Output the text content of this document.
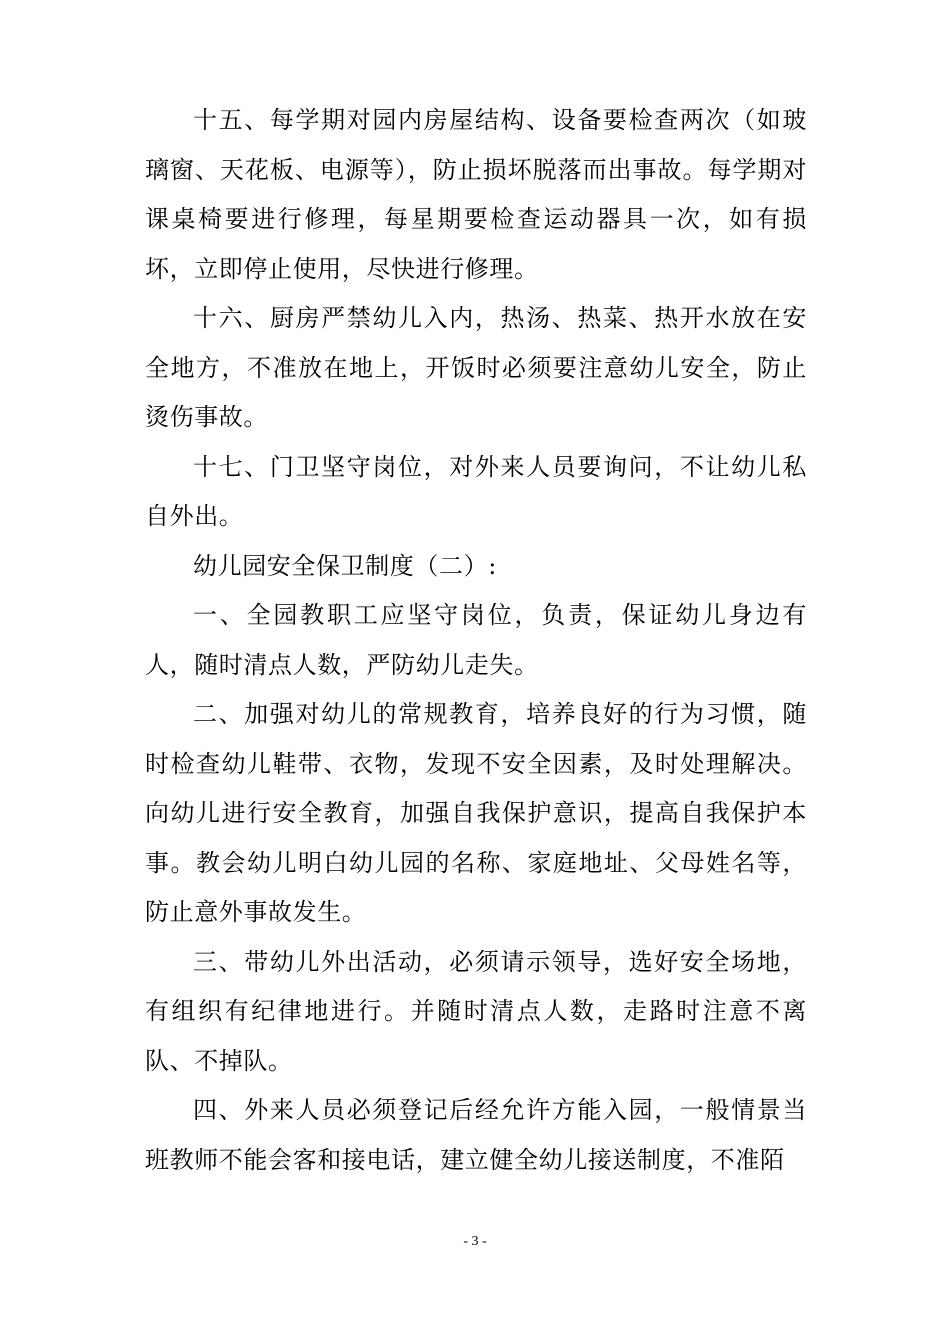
十五、每学期对园内房屋结构、设备要检查两次（如玻璃窗、天花板、电源等），防止损坏脱落而出事故。每学期对课桌椅要进行修理，每星期要检查运动器具一次，如有损坏，立即停止使用，尽快进行修理。

十六、厨房严禁幼儿入内，热汤、热菜、热开水放在安全地方，不准放在地上，开饭时必须要注意幼儿安全，防止烫伤事故。

十七、门卫坚守岗位，对外来人员要询问，不让幼儿私自外出。

幼儿园安全保卫制度（二）:

一、全园教职工应坚守岗位，负责，保证幼儿身边有人，随时清点人数，严防幼儿走失。

二、加强对幼儿的常规教育，培养良好的行为习惯，随时检查幼儿鞋带、衣物，发现不安全因素，及时处理解决。向幼儿进行安全教育，加强自我保护意识，提高自我保护本事。教会幼儿明白幼儿园的名称、家庭地址、父母姓名等，防止意外事故发生。

三、带幼儿外出活动，必须请示领导，选好安全场地，有组织有纪律地进行。并随时清点人数，走路时注意不离队、不掉队。

四、外来人员必须登记后经允许方能入园，一般情景当班教师不能会客和接电话，建立健全幼儿接送制度，不准陌

- 3 -
